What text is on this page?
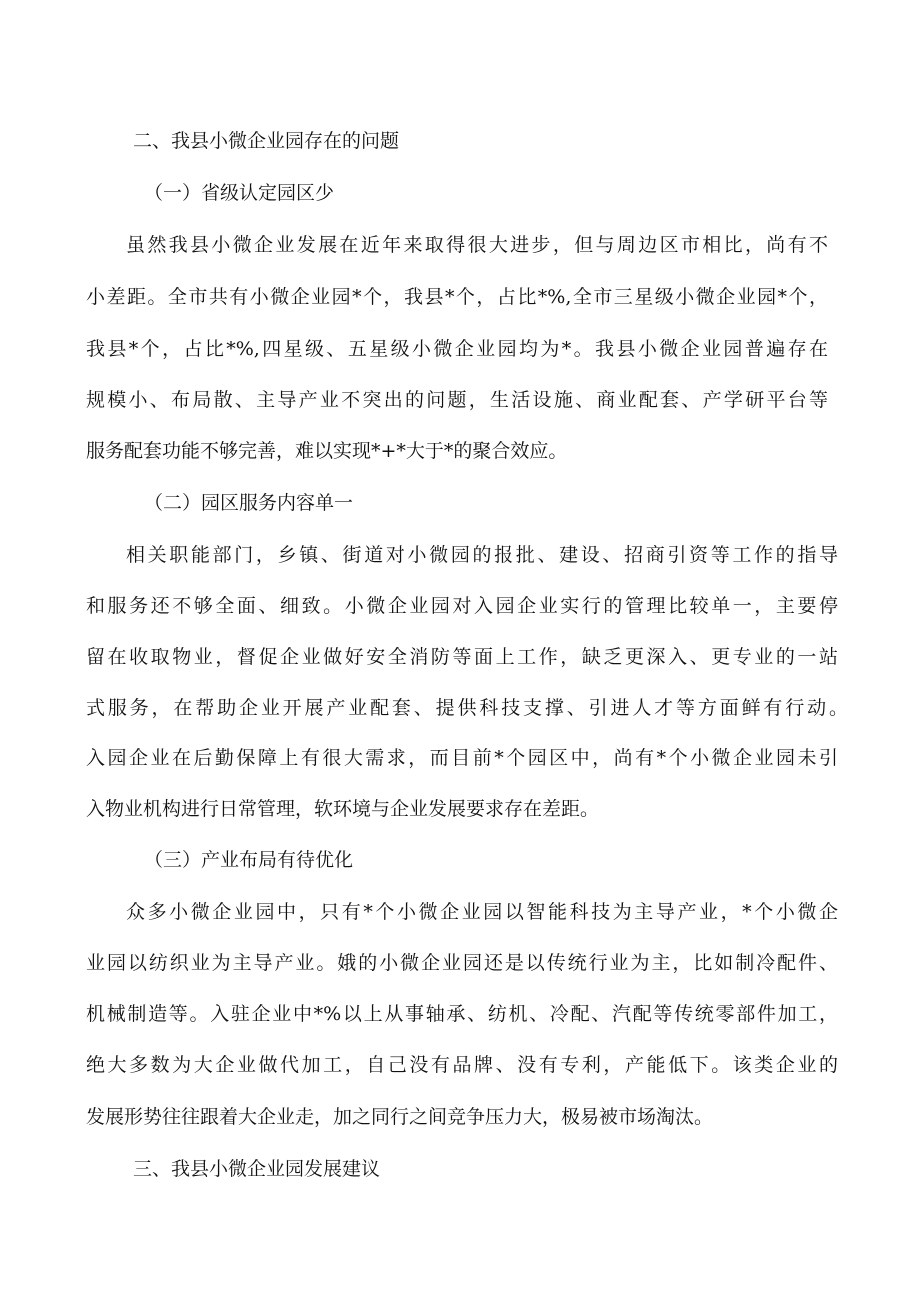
二、我县小微企业园存在的问题
（一）省级认定园区少
虽然我县小微企业发展在近年来取得很大进步，但与周边区市相比，尚有不
小差距。全市共有小微企业园*个，我县*个，占比*%,全市三星级小微企业园*个，
我县*个，占比*%,四星级、五星级小微企业园均为*。我县小微企业园普遍存在
规模小、布局散、主导产业不突出的问题，生活设施、商业配套、产学研平台等
服务配套功能不够完善，难以实现*+*大于*的聚合效应。
（二）园区服务内容单一
相关职能部门，乡镇、街道对小微园的报批、建设、招商引资等工作的指导
和服务还不够全面、细致。小微企业园对入园企业实行的管理比较单一，主要停
留在收取物业，督促企业做好安全消防等面上工作，缺乏更深入、更专业的一站
式服务，在帮助企业开展产业配套、提供科技支撑、引进人才等方面鲜有行动。
入园企业在后勤保障上有很大需求，而目前*个园区中，尚有*个小微企业园未引
入物业机构进行日常管理，软环境与企业发展要求存在差距。
（三）产业布局有待优化
众多小微企业园中，只有*个小微企业园以智能科技为主导产业，*个小微企
业园以纺织业为主导产业。娥的小微企业园还是以传统行业为主，比如制冷配件、
机械制造等。入驻企业中*%以上从事轴承、纺机、冷配、汽配等传统零部件加工，
绝大多数为大企业做代加工，自己没有品牌、没有专利，产能低下。该类企业的
发展形势往往跟着大企业走，加之同行之间竞争压力大，极易被市场淘汰。
三、我县小微企业园发展建议
